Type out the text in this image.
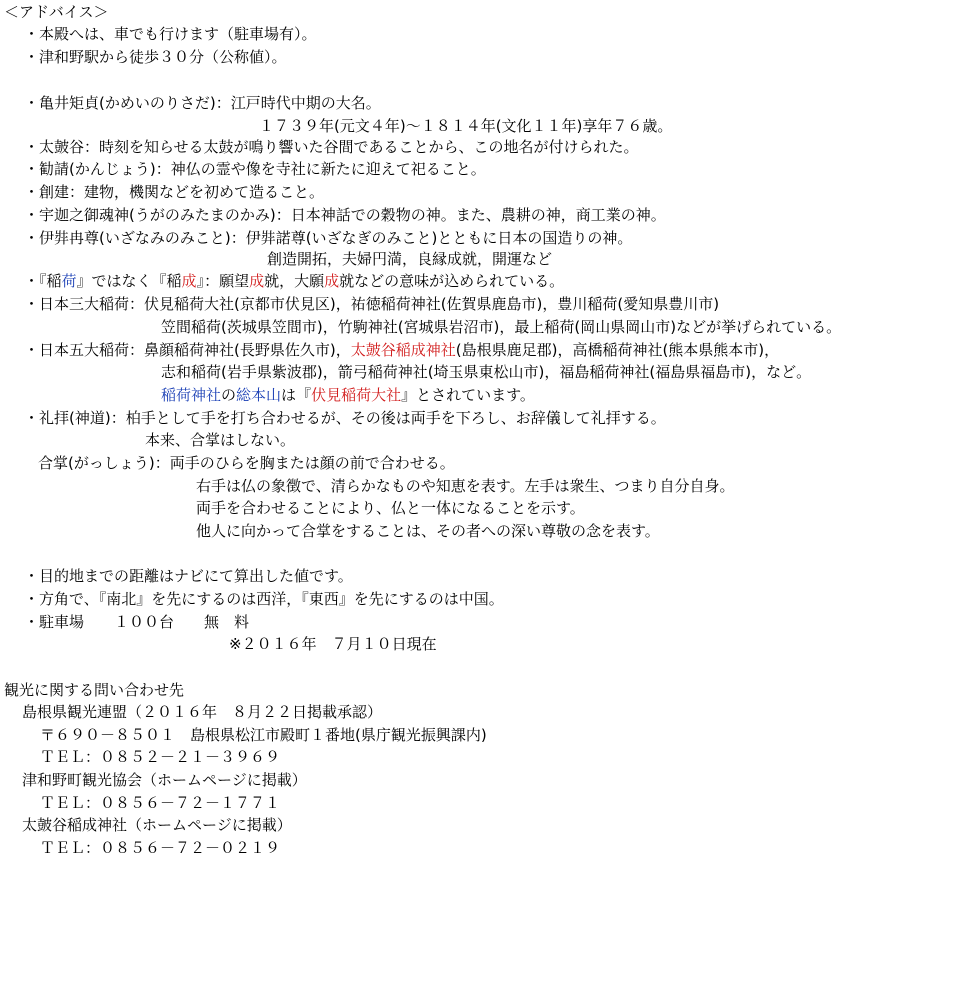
＜アドバイス＞
・本殿へは、車でも行けます（駐車場有）。
・津和野駅から徒歩３０分（公称値）。
・亀井矩貞(かめいのりさだ)：江戸時代中期の大名。
１７３９年(元文４年)～１８１４年(文化１１年)享年７６歳。
・太皷谷：時刻を知らせる太鼓が鳴り響いた谷間であることから、この地名が付けられた。
・勧請(かんじょう)：神仏の霊や像を寺社に新たに迎えて祀ること。
・創建：建物，機関などを初めて造ること。
・宇迦之御魂神(うがのみたまのかみ)：日本神話での穀物の神。また、農耕の神，商工業の神。
・伊弉冉尊(いざなみのみこと)：伊弉諾尊(いざなぎのみこと)とともに日本の国造りの神。
創造開拓，夫婦円満，良縁成就，開運など
・『稲荷』ではなく『稲成』：願望成就，大願成就などの意味が込められている。
・日本三大稲荷：伏見稲荷大社(京都市伏見区)，祐徳稲荷神社(佐賀県鹿島市)，豊川稲荷(愛知県豊川市)
笠間稲荷(茨城県笠間市)，竹駒神社(宮城県岩沼市)，最上稲荷(岡山県岡山市)などが挙げられている。
・日本五大稲荷：鼻顔稲荷神社(長野県佐久市)，太皷谷稲成神社(島根県鹿足郡)，高橋稲荷神社(熊本県熊本市)，
志和稲荷(岩手県紫波郡)，箭弓稲荷神社(埼玉県東松山市)，福島稲荷神社(福島県福島市)，など。
稲荷神社の総本山は『伏見稲荷大社』とされています。
・礼拝(神道)：柏手として手を打ち合わせるが、その後は両手を下ろし、お辞儀して礼拝する。
本来、合掌はしない。
合掌(がっしょう)：両手のひらを胸または顔の前で合わせる。
右手は仏の象徴で、清らかなものや知恵を表す。左手は衆生、つまり自分自身。
両手を合わせることにより、仏と一体になることを示す。
他人に向かって合掌をすることは、その者への深い尊敬の念を表す。
・目的地までの距離はナビにて算出した値です。
・方角で、『南北』を先にするのは西洋，『東西』を先にするのは中国。
・駐車場　　１００台　　無　料
※２０１６年　７月１０日現在
観光に関する問い合わせ先
島根県観光連盟（２０１６年　８月２２日掲載承認）
〒６９０－８５０１　島根県松江市殿町１番地(県庁観光振興課内)
ＴＥＬ：０８５２－２１－３９６９
津和野町観光協会（ホームページに掲載）
ＴＥＬ：０８５６－７２－１７７１
太皷谷稲成神社（ホームページに掲載）
ＴＥＬ：０８５６－７２－０２１９
